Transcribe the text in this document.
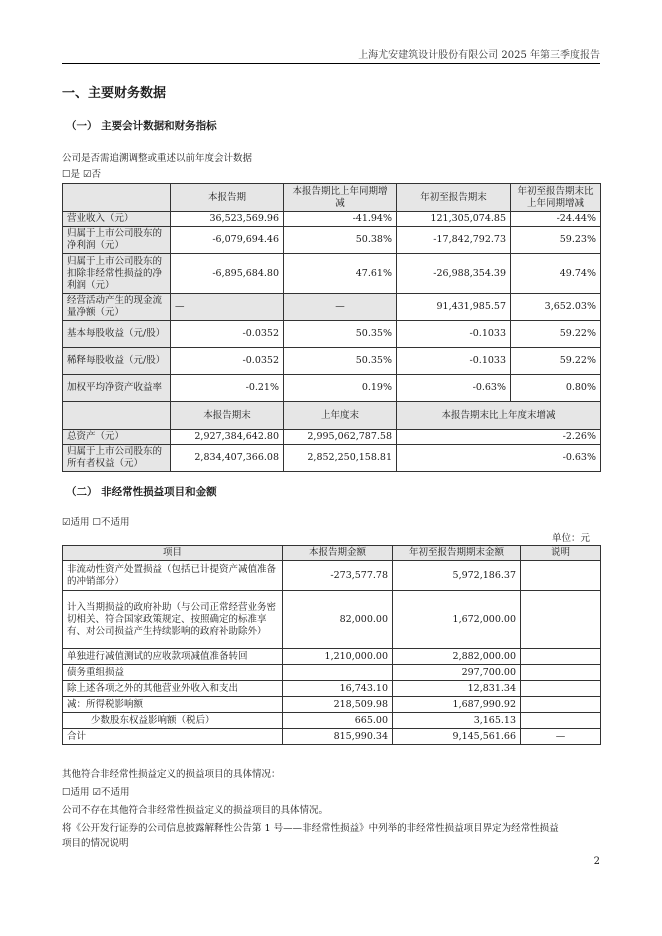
上海尤安建筑设计股份有限公司 2025 年第三季度报告
一、主要财务数据
（一） 主要会计数据和财务指标
公司是否需追溯调整或重述以前年度会计数据
☐是 ☑否
	本报告期	本报告期比上年同期增减	年初至报告期末	年初至报告期末比上年同期增减
营业收入（元）	36,523,569.96	-41.94%	121,305,074.85	-24.44%
归属于上市公司股东的净利润（元）	-6,079,694.46	50.38%	-17,842,792.73	59.23%
归属于上市公司股东的扣除非经常性损益的净利润（元）	-6,895,684.80	47.61%	-26,988,354.39	49.74%
经营活动产生的现金流量净额（元）	—	—	91,431,985.57	3,652.03%
基本每股收益（元/股）	-0.0352	50.35%	-0.1033	59.22%
稀释每股收益（元/股）	-0.0352	50.35%	-0.1033	59.22%
加权平均净资产收益率	-0.21%	0.19%	-0.63%	0.80%
	本报告期末	上年度末	本报告期末比上年度末增减	
总资产（元）	2,927,384,642.80	2,995,062,787.58	-2.26%	
归属于上市公司股东的所有者权益（元）	2,834,407,366.08	2,852,250,158.81	-0.63%	
（二） 非经常性损益项目和金额
☑适用 ☐不适用
单位：元
项目	本报告期金额	年初至报告期期末金额	说明
非流动性资产处置损益（包括已计提资产减值准备的冲销部分）	-273,577.78	5,972,186.37	
计入当期损益的政府补助（与公司正常经营业务密切相关、符合国家政策规定、按照确定的标准享有、对公司损益产生持续影响的政府补助除外）	82,000.00	1,672,000.00	
单独进行减值测试的应收款项减值准备转回	1,210,000.00	2,882,000.00	
债务重组损益		297,700.00	
除上述各项之外的其他营业外收入和支出	16,743.10	12,831.34	
减：所得税影响额	218,509.98	1,687,990.92	
少数股东权益影响额（税后）	665.00	3,165.13	
合计	815,990.34	9,145,561.66	—
其他符合非经常性损益定义的损益项目的具体情况：
☐适用 ☑不适用
公司不存在其他符合非经常性损益定义的损益项目的具体情况。
将《公开发行证券的公司信息披露解释性公告第 1 号——非经常性损益》中列举的非经常性损益项目界定为经常性损益
项目的情况说明
2
